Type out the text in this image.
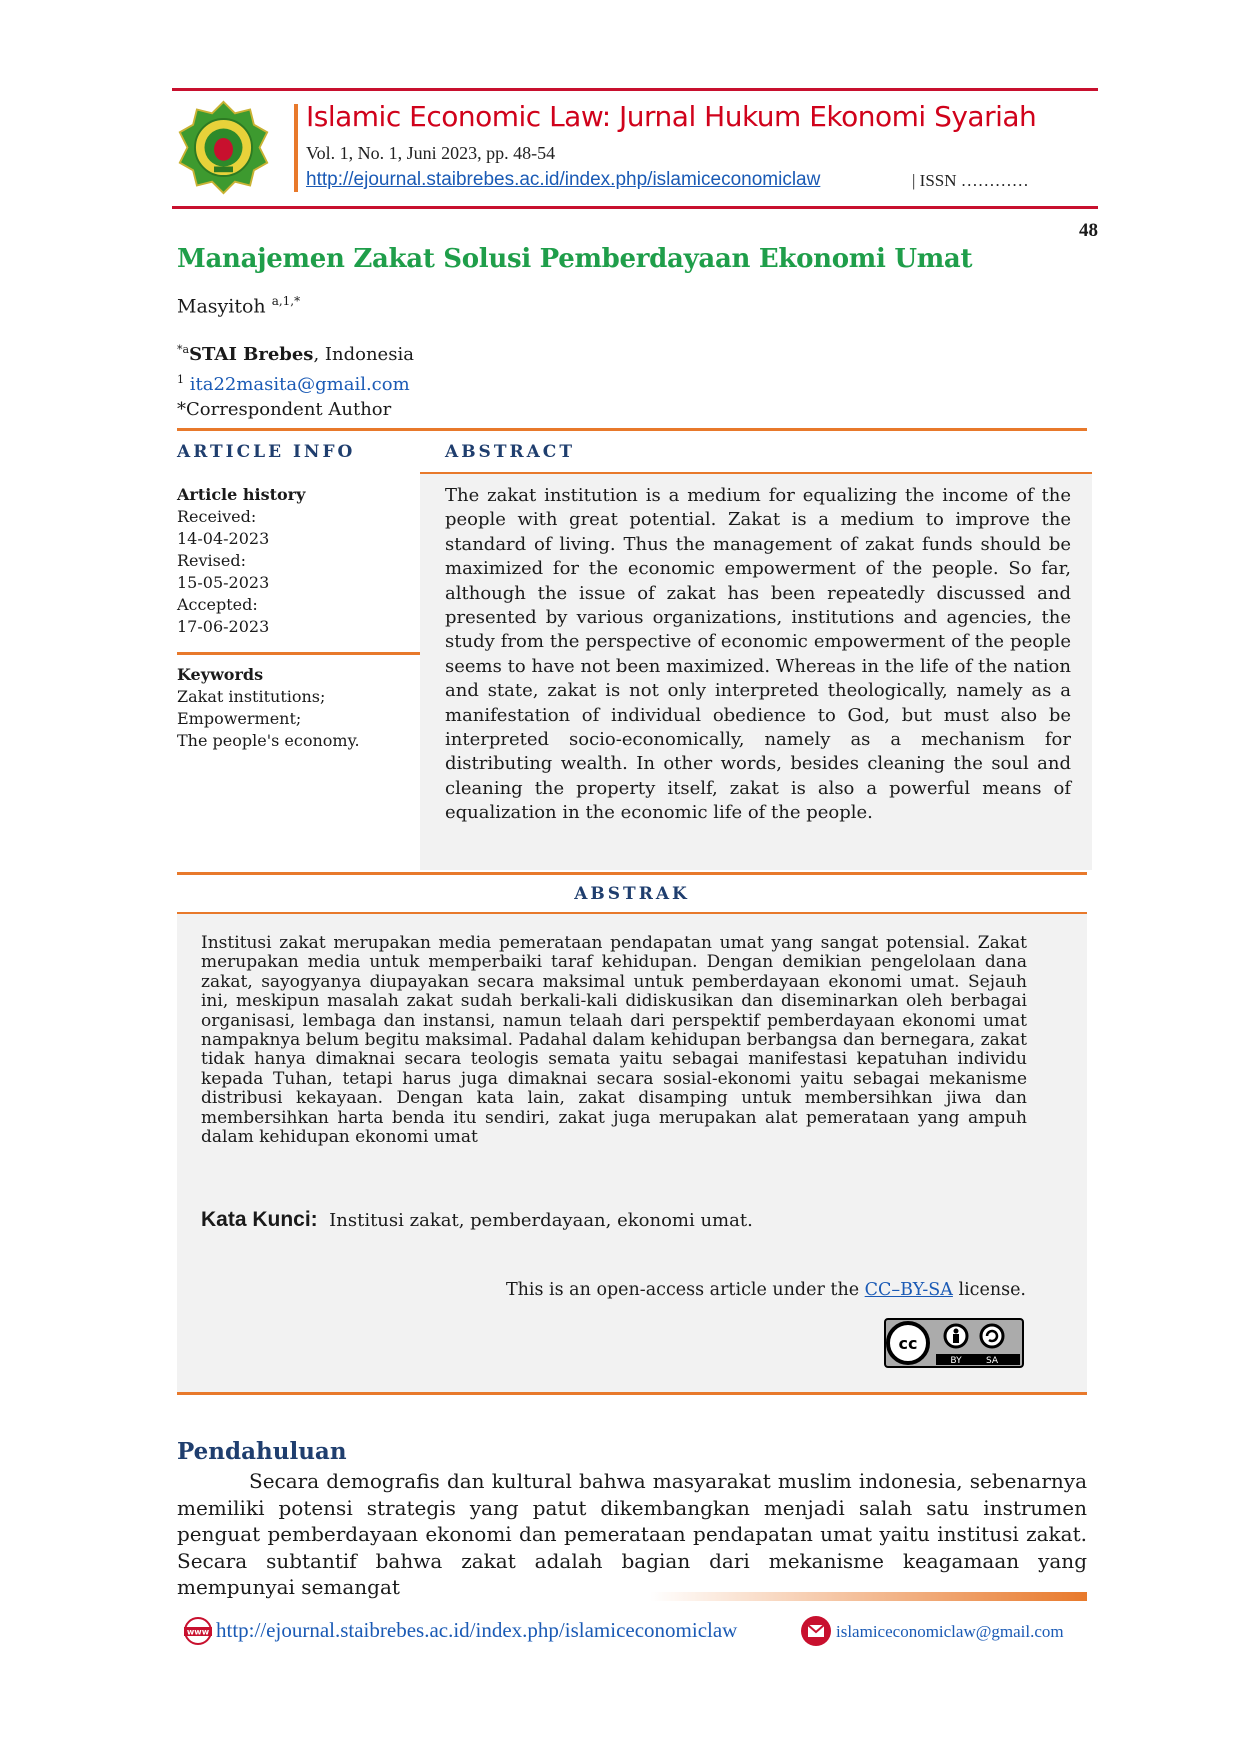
Islamic Economic Law: Jurnal Hukum Ekonomi Syariah
Vol. 1, No. 1, Juni 2023, pp. 48-54
http://ejournal.staibrebes.ac.id/index.php/islamiceconomiclaw	| ISSN …………
48
Manajemen Zakat Solusi Pemberdayaan Ekonomi Umat
Masyitoh $^{a,1,*}$
$^{*a}$STAI Brebes, Indonesia
$^1$ ita22masita@gmail.com
*Correspondent Author
ARTICLE INFO	ABSTRACT
Article history
Received:
14-04-2023
Revised:
15-05-2023
Accepted:
17-06-2023
Keywords
Zakat institutions;
Empowerment;
The people's economy.
The zakat institution is a medium for equalizing the income of the people with great potential. Zakat is a medium to improve the standard of living. Thus the management of zakat funds should be maximized for the economic empowerment of the people. So far, although the issue of zakat has been repeatedly discussed and presented by various organizations, institutions and agencies, the study from the perspective of economic empowerment of the people seems to have not been maximized. Whereas in the life of the nation and state, zakat is not only interpreted theologically, namely as a manifestation of individual obedience to God, but must also be interpreted socio-economically, namely as a mechanism for distributing wealth. In other words, besides cleaning the soul and cleaning the property itself, zakat is also a powerful means of equalization in the economic life of the people.
ABSTRAK
Institusi zakat merupakan media pemerataan pendapatan umat yang sangat potensial. Zakat merupakan media untuk memperbaiki taraf kehidupan. Dengan demikian pengelolaan dana zakat, sayogyanya diupayakan secara maksimal untuk pemberdayaan ekonomi umat. Sejauh ini, meskipun masalah zakat sudah berkali-kali didiskusikan dan diseminarkan oleh berbagai organisasi, lembaga dan instansi, namun telaah dari perspektif pemberdayaan ekonomi umat nampaknya belum begitu maksimal. Padahal dalam kehidupan berbangsa dan bernegara, zakat tidak hanya dimaknai secara teologis semata yaitu sebagai manifestasi kepatuhan individu kepada Tuhan, tetapi harus juga dimaknai secara sosial-ekonomi yaitu sebagai mekanisme distribusi kekayaan. Dengan kata lain, zakat disamping untuk membersihkan jiwa dan membersihkan harta benda itu sendiri, zakat juga merupakan alat pemerataan yang ampuh dalam kehidupan ekonomi umat
Kata Kunci: Institusi zakat, pemberdayaan, ekonomi umat.
This is an open-access article under the CC–BY-SA license.
cc
BY	SA
Pendahuluan
Secara demografis dan kultural bahwa masyarakat muslim indonesia, sebenarnya memiliki potensi strategis yang patut dikembangkan menjadi salah satu instrumen penguat pemberdayaan ekonomi dan pemerataan pendapatan umat yaitu institusi zakat. Secara subtantif bahwa zakat adalah bagian dari mekanisme keagamaan yang mempunyai semangat
www http://ejournal.staibrebes.ac.id/index.php/islamiceconomiclaw	islamiceconomiclaw@gmail.com
